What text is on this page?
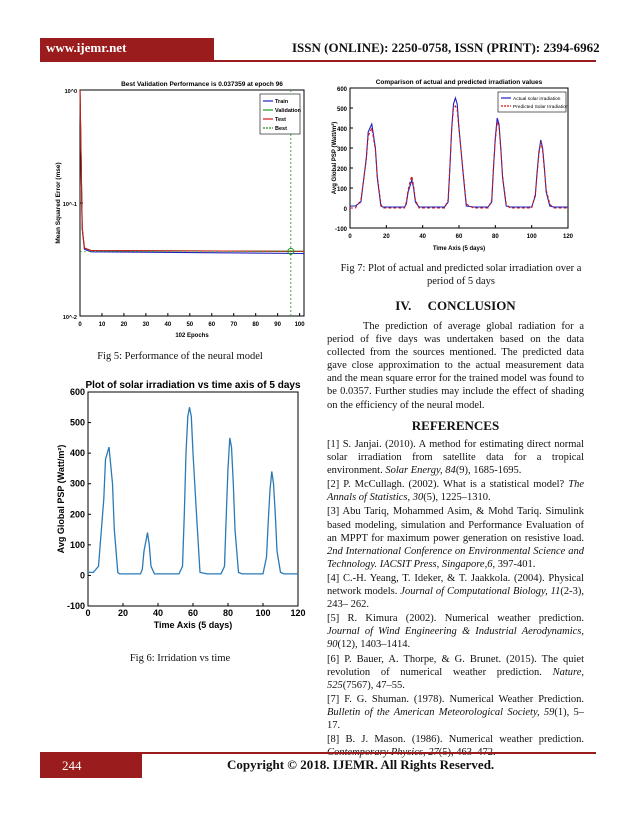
www.ijemr.net	ISSN (ONLINE): 2250-0758, ISSN (PRINT): 2394-6962
Best Validation Performance is 0.037359 at epoch 96
0	10	20	30	40	50	60	70	80	90 100
10^0
10^-1
10^-2
102 Epochs
Mean Squared Error (mse)
Train
Validation
Test
Best
Fig 5: Performance of the neural model
Plot of solar irradiation vs time axis of 5 days
0	20	40	60	80 100 120
600
500
400
300
200
100
0
-100
Time Axis (5 days)
Avg Global PSP (Watt/m²)
Fig 6: Irridation vs time
Comparison of actual and predicted irradiation values
0	20	40	60	80	100	120
600
500
400
300
200
100
0
-100
Time Axis (5 days)
Avg Global PSP (Watt/m²)
Actual solar irradiation
Predicted Solar Irradiation
Fig 7: Plot of actual and predicted solar irradiation over a period of 5 days
IV.     CONCLUSION
The prediction of average global radiation for a period of five days was undertaken based on the data collected from the sources mentioned. The predicted data gave close approximation to the actual measurement data and the mean square error for the trained model was found to be 0.0357. Further studies may include the effect of shading on the efficiency of the neural model.
REFERENCES
[1] S. Janjai. (2010). A method for estimating direct normal solar irradiation from satellite data for a tropical environment. Solar Energy, 84(9), 1685-1695.
[2] P. McCullagh. (2002). What is a statistical model? The Annals of Statistics, 30(5), 1225–1310.
[3] Abu Tariq, Mohammed Asim, & Mohd Tariq. Simulink based modeling, simulation and Performance Evaluation of an MPPT for maximum power generation on resistive load. 2nd International Conference on Environmental Science and Technology. IACSIT Press, Singapore,6, 397-401.
[4] C.-H. Yeang, T. Ideker, & T. Jaakkola. (2004). Physical network models. Journal of Computational Biology, 11(2-3), 243– 262.
[5] R. Kimura (2002). Numerical weather prediction. Journal of Wind Engineering & Industrial Aerodynamics, 90(12), 1403–1414.
[6] P. Bauer, A. Thorpe, & G. Brunet. (2015). The quiet revolution of numerical weather prediction. Nature, 525(7567), 47–55.
[7] F. G. Shuman. (1978). Numerical Weather Prediction. Bulletin of the American Meteorological Society, 59(1), 5–17.
[8] B. J. Mason. (1986). Numerical weather prediction.
244	Copyright © 2018. IJEMR. All Rights Reserved.
